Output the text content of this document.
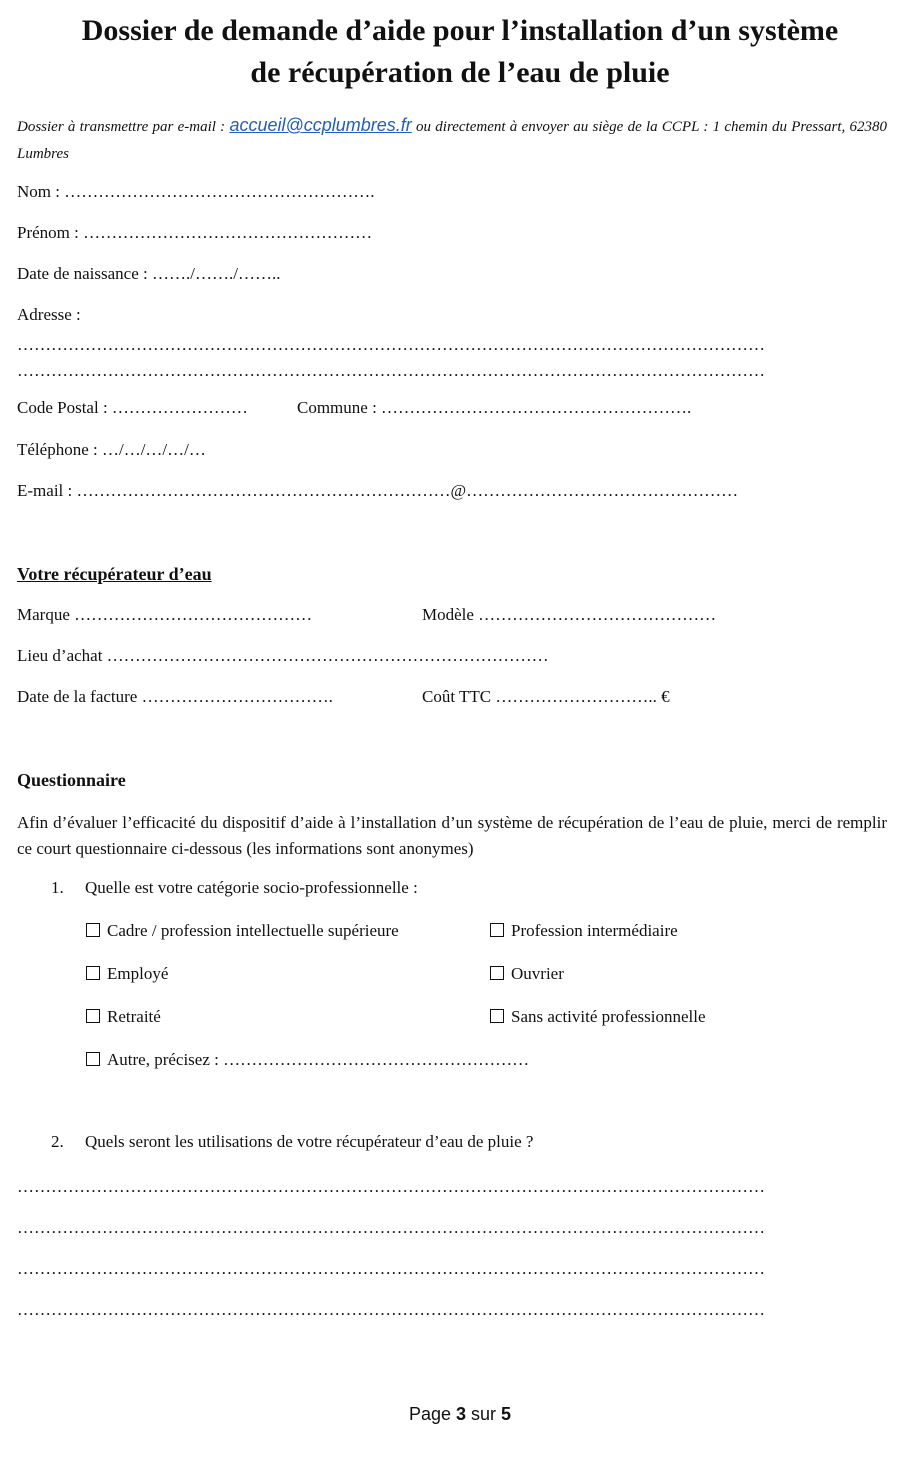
Dossier de demande d’aide pour l’installation d’un système
de récupération de l’eau de pluie
Dossier à transmettre par e-mail : accueil@ccplumbres.fr ou directement à envoyer au siège de la CCPL : 1 chemin du Pressart, 62380 Lumbres
Nom : ……………………………………………….
Prénom : ……………………………………………
Date de naissance : ……./……./……..
Adresse :
……………………………………………………………………………………………………………………
……………………………………………………………………………………………………………………
Code Postal : ……………………	Commune : ……………………………………………….
Téléphone : …/…/…/…/…
E-mail : …………………………………………………………@…………………………………………
Votre récupérateur d’eau
Marque ……………………………………	Modèle ……………………………………
Lieu d’achat ……………………………………………………………………
Date de la facture …………………………….	Coût TTC ……………………….. €
Questionnaire
Afin d’évaluer l’efficacité du dispositif d’aide à l’installation d’un système de récupération de l’eau de pluie, merci de remplir ce court questionnaire ci-dessous (les informations sont anonymes)
1. Quelle est votre catégorie socio-professionnelle :
Cadre / profession intellectuelle supérieure	Profession intermédiaire
Employé	Ouvrier
Retraité	Sans activité professionnelle
Autre, précisez : ………………………………………………
2. Quels seront les utilisations de votre récupérateur d’eau de pluie ?
……………………………………………………………………………………………………………………
……………………………………………………………………………………………………………………
……………………………………………………………………………………………………………………
……………………………………………………………………………………………………………………
Page 3 sur 5
